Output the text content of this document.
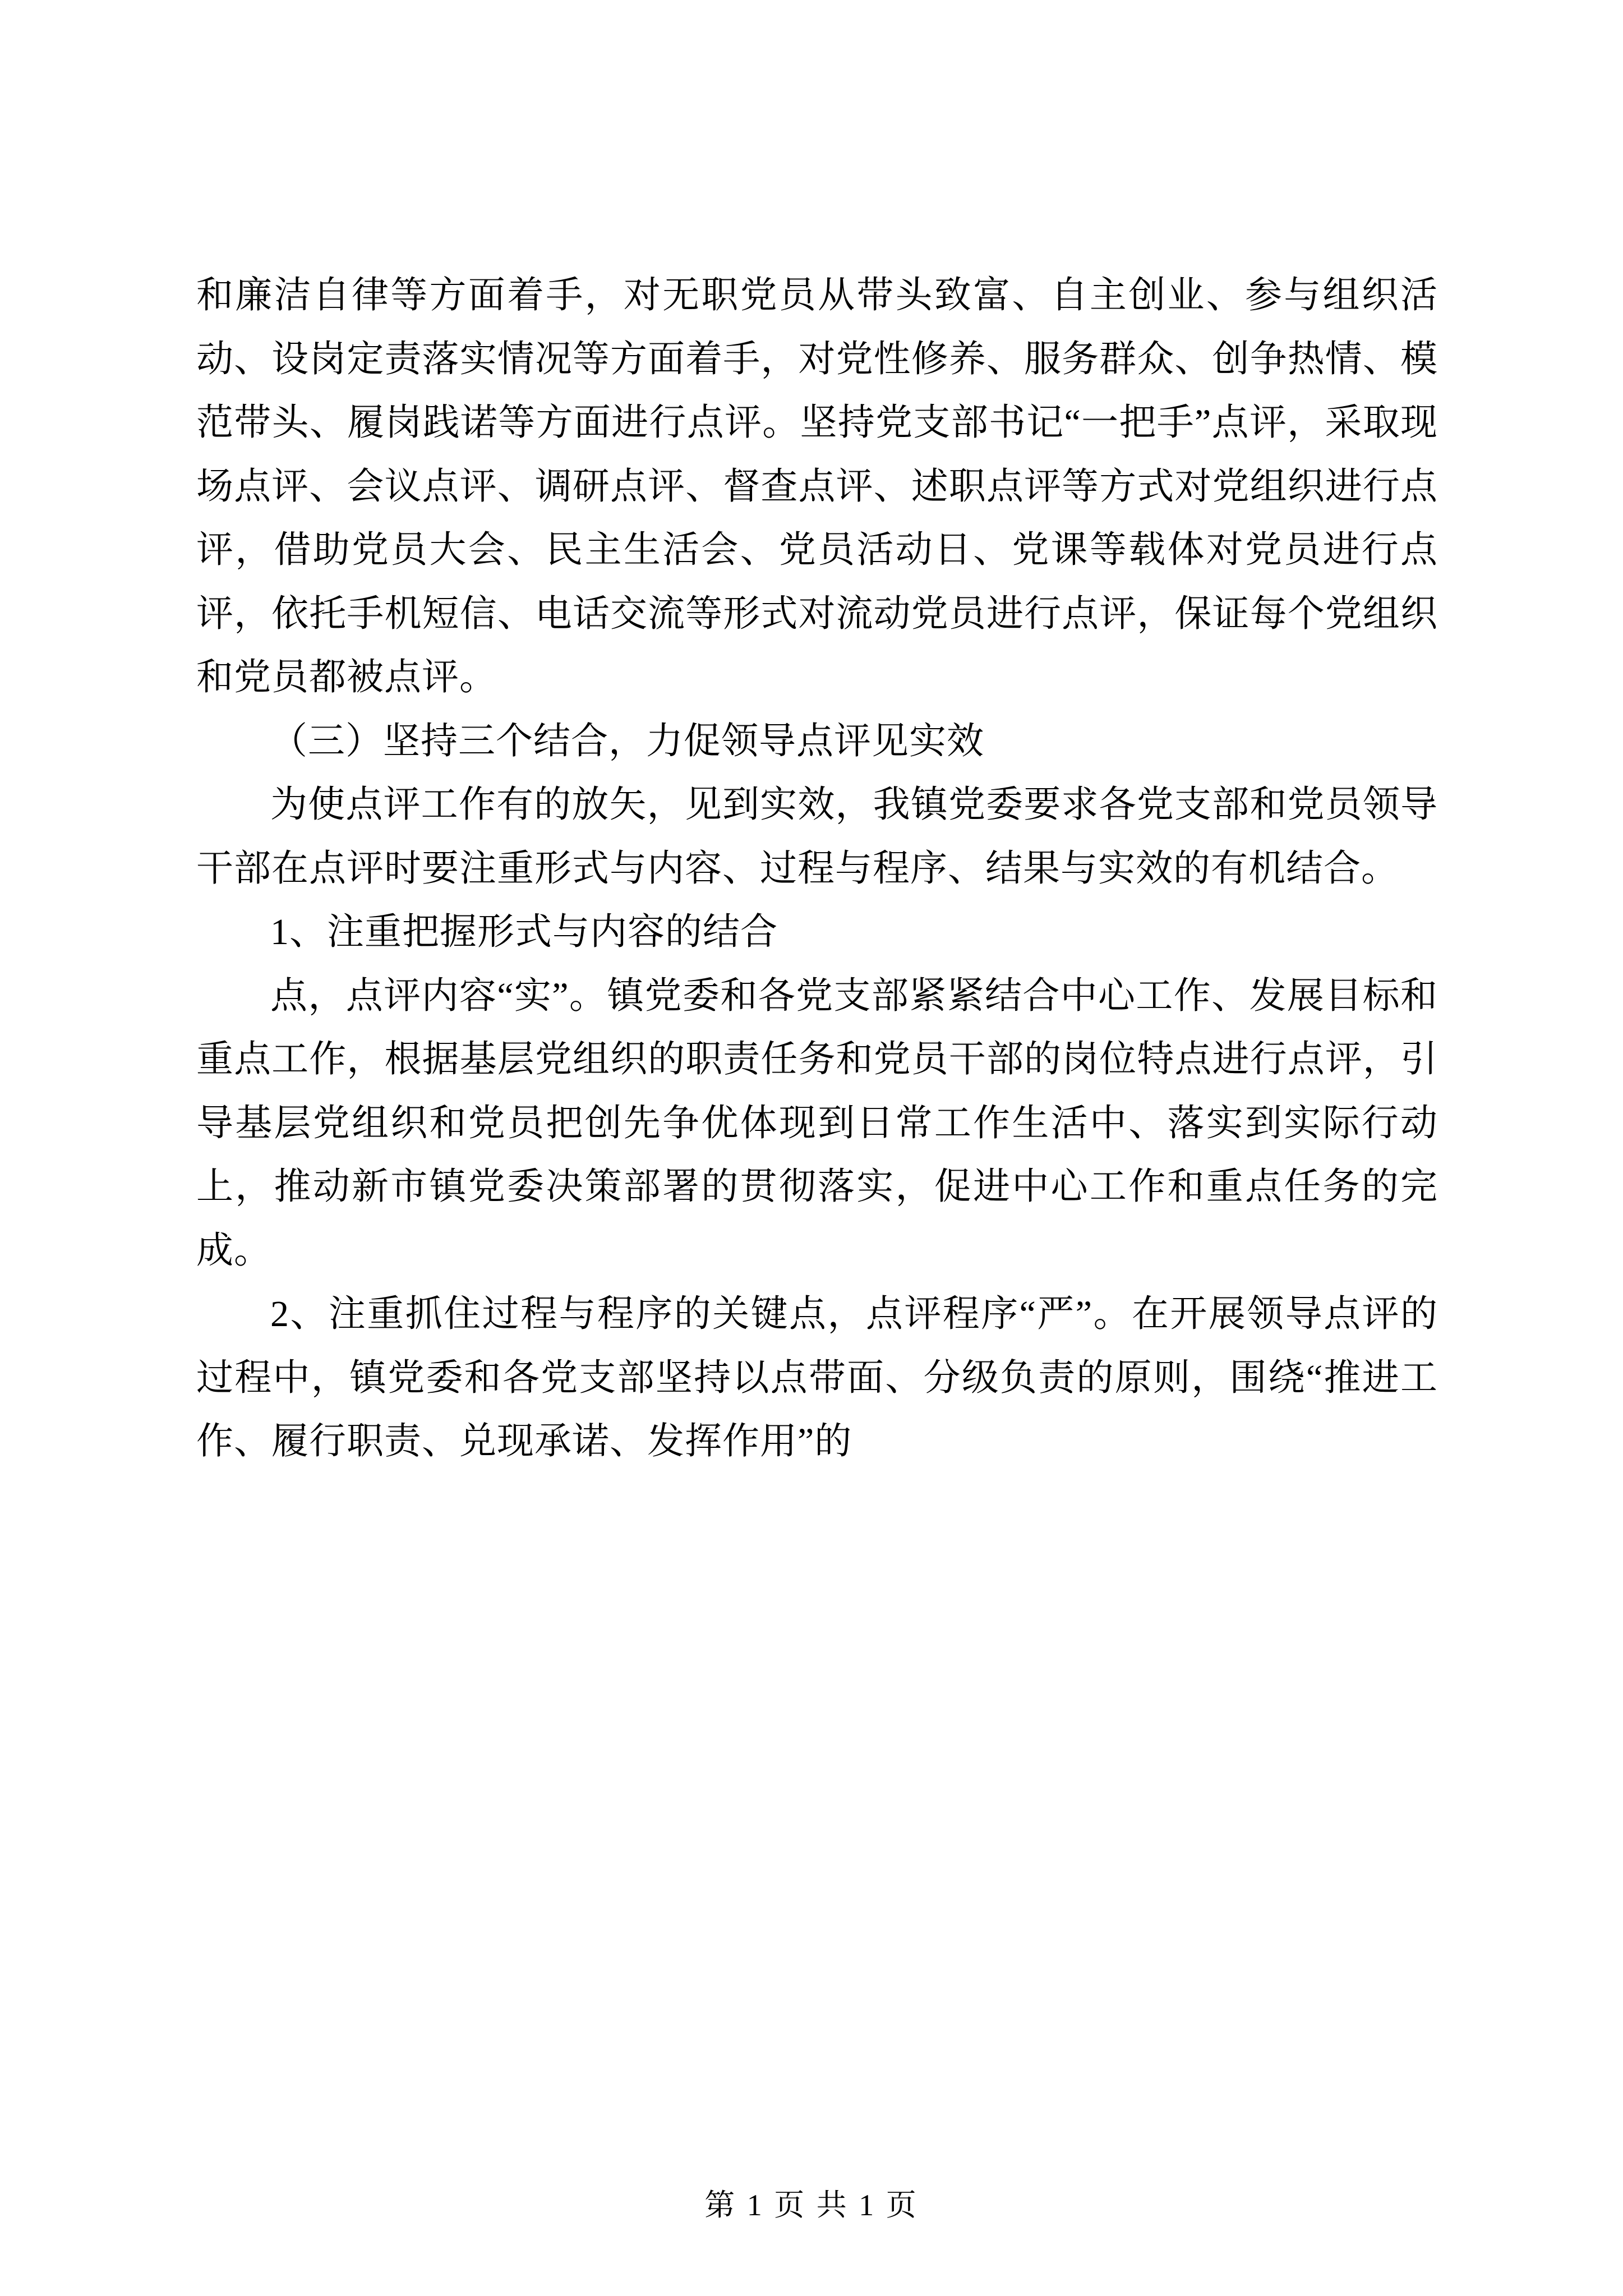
和廉洁自律等方面着手，对无职党员从带头致富、自主创业、参与组织活动、设岗定责落实情况等方面着手，对党性修养、服务群众、创争热情、模范带头、履岗践诺等方面进行点评。坚持党支部书记“一把手”点评，采取现场点评、会议点评、调研点评、督查点评、述职点评等方式对党组织进行点评，借助党员大会、民主生活会、党员活动日、党课等载体对党员进行点评，依托手机短信、电话交流等形式对流动党员进行点评，保证每个党组织和党员都被点评。

（三）坚持三个结合，力促领导点评见实效

为使点评工作有的放矢，见到实效，我镇党委要求各党支部和党员领导干部在点评时要注重形式与内容、过程与程序、结果与实效的有机结合。

1、注重把握形式与内容的结合

点，点评内容“实”。镇党委和各党支部紧紧结合中心工作、发展目标和重点工作，根据基层党组织的职责任务和党员干部的岗位特点进行点评，引导基层党组织和党员把创先争优体现到日常工作生活中、落实到实际行动上，推动新市镇党委决策部署的贯彻落实，促进中心工作和重点任务的完成。

2、注重抓住过程与程序的关键点，点评程序“严”。在开展领导点评的过程中，镇党委和各党支部坚持以点带面、分级负责的原则，围绕“推进工作、履行职责、兑现承诺、发挥作用”的

第 1 页 共 1 页
